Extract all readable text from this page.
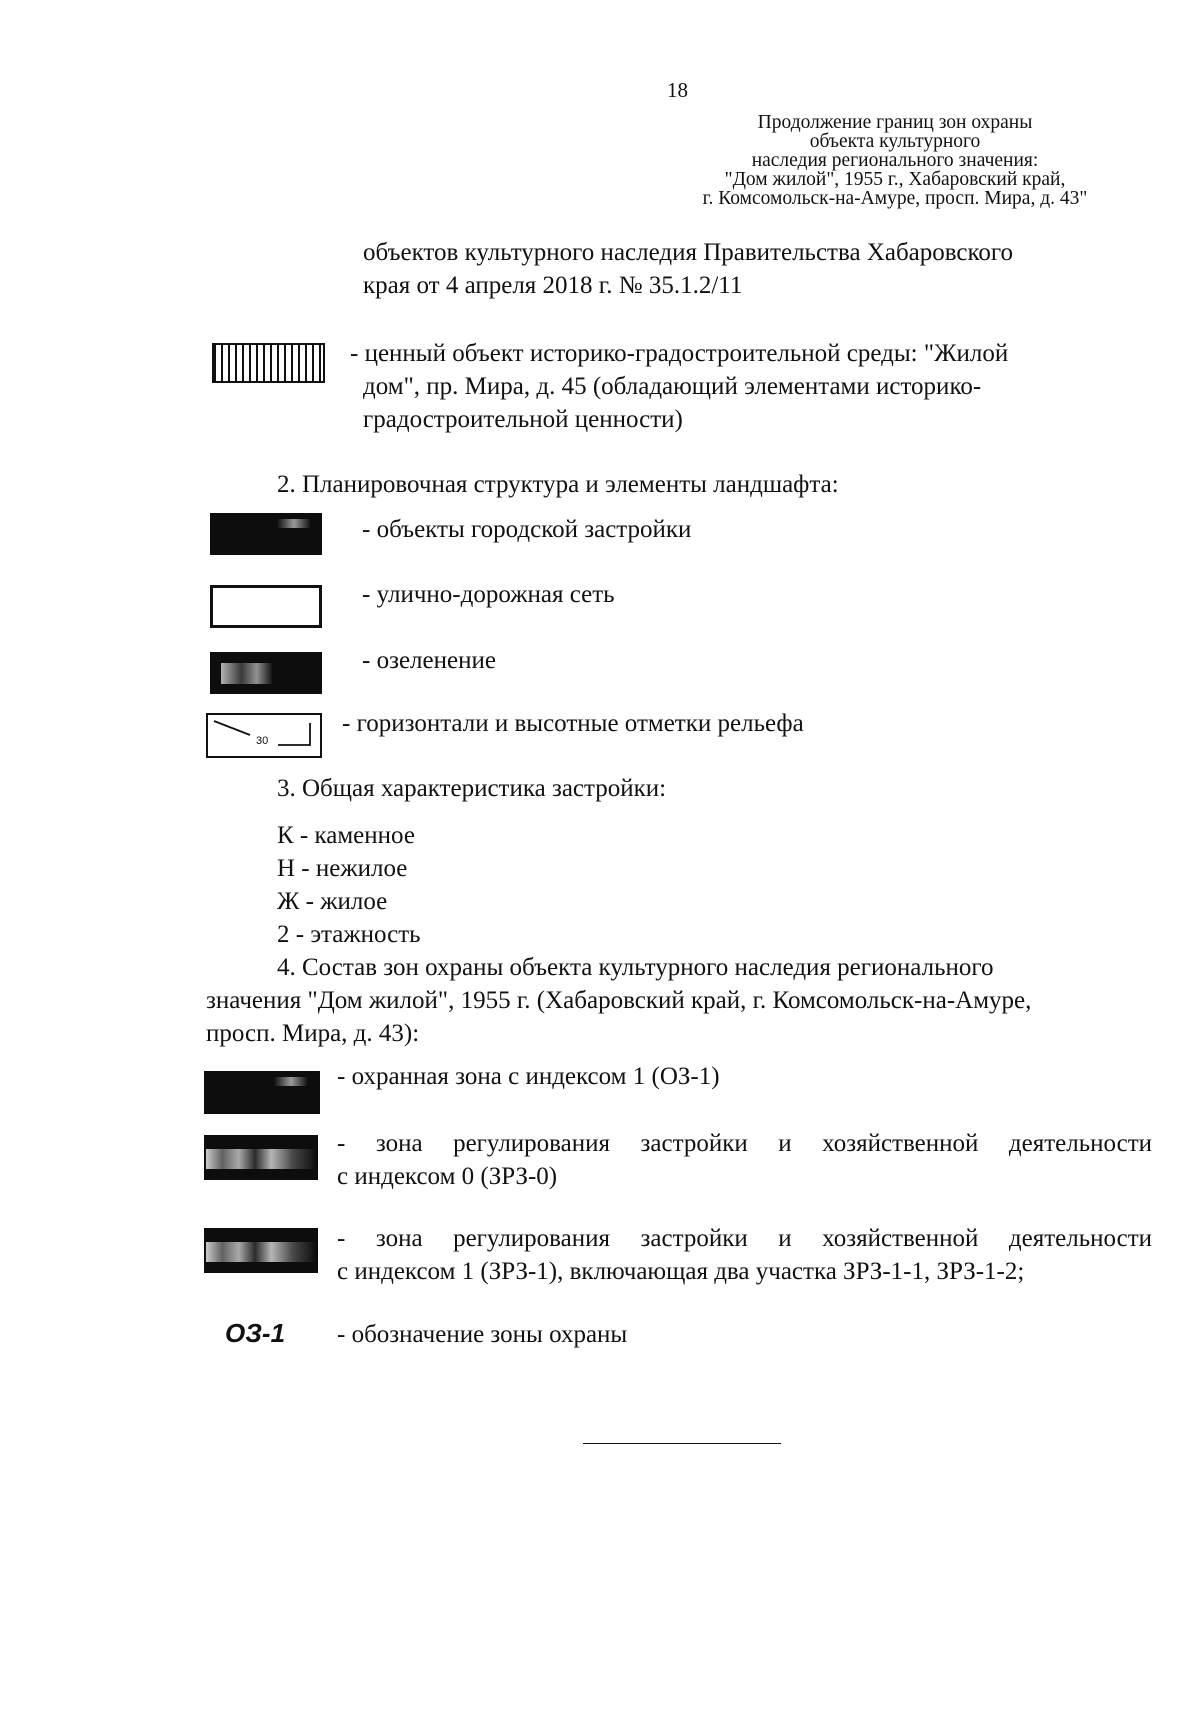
18
Продолжение границ зон охраны
объекта культурного
наследия регионального значения:
"Дом жилой", 1955 г., Хабаровский край,
г. Комсомольск-на-Амуре, просп. Мира, д. 43"
объектов культурного наследия Правительства Хабаровского
края от 4 апреля 2018 г. № 35.1.2/11
- ценный объект историко-градостроительной среды: "Жилой
дом", пр. Мира, д. 45 (обладающий элементами историко-
градостроительной ценности)
2. Планировочная структура и элементы ландшафта:
- объекты городской застройки
- улично-дорожная сеть
- озеленение
30
- горизонтали и высотные отметки рельефа
3. Общая характеристика застройки:
К - каменное
Н - нежилое
Ж - жилое
2 - этажность
4. Состав зон охраны объекта культурного наследия регионального
значения "Дом жилой", 1955 г. (Хабаровский край, г. Комсомольск-на-Амуре,
просп. Мира, д. 43):
- охранная зона с индексом 1 (ОЗ-1)
- зона регулирования застройки и хозяйственной деятельности
с индексом 0 (ЗРЗ-0)
- зона регулирования застройки и хозяйственной деятельности
с индексом 1 (ЗРЗ-1), включающая два участка ЗРЗ-1-1, ЗРЗ-1-2;
ОЗ-1 - обозначение зоны охраны
